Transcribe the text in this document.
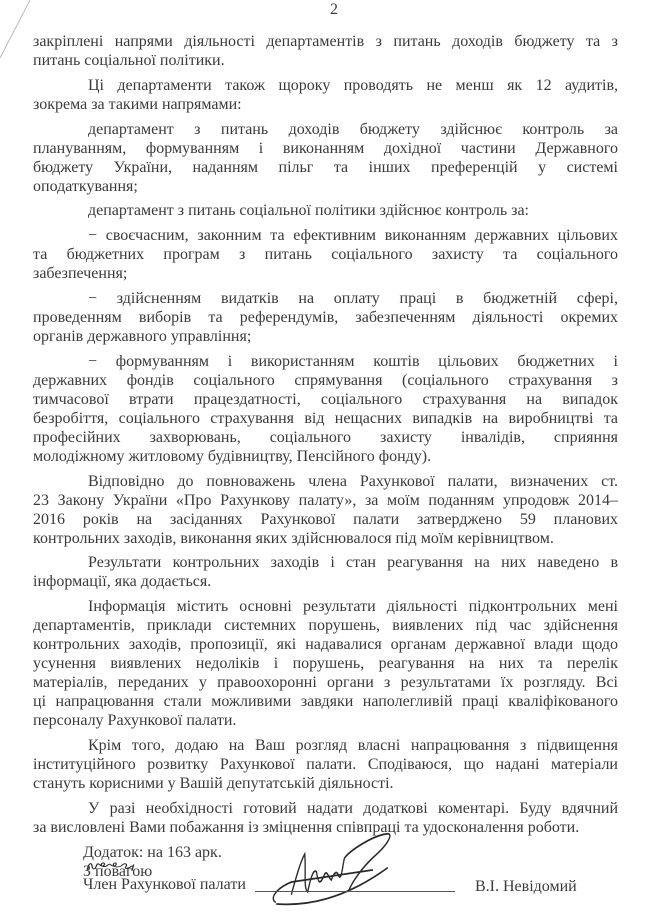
2
закріплені напрями діяльності департаментів з питань доходів бюджету та з
питань соціальної політики.
Ці департаменти також щороку проводять не менш як 12 аудитів,
зокрема за такими напрямами:
департамент з питань доходів бюджету здійснює контроль за
плануванням, формуванням і виконанням дохідної частини Державного
бюджету України, наданням пільг та інших преференцій у системі
оподаткування;
департамент з питань соціальної політики здійснює контроль за:
− своєчасним, законним та ефективним виконанням державних цільових
та бюджетних програм з питань соціального захисту та соціального
забезпечення;
− здійсненням видатків на оплату праці в бюджетній сфері,
проведенням виборів та референдумів, забезпеченням діяльності окремих
органів державного управління;
− формуванням і використанням коштів цільових бюджетних і
державних фондів соціального спрямування (соціального страхування з
тимчасової втрати працездатності, соціального страхування на випадок
безробіття, соціального страхування від нещасних випадків на виробництві та
професійних захворювань, соціального захисту інвалідів, сприяння
молодіжному житловому будівництву, Пенсійного фонду).
Відповідно до повноважень члена Рахункової палати, визначених ст.
23 Закону України «Про Рахункову палату», за моїм поданням упродовж 2014–
2016 років на засіданнях Рахункової палати затверджено 59 планових
контрольних заходів, виконання яких здійснювалося під моїм керівництвом.
Результати контрольних заходів і стан реагування на них наведено в
інформації, яка додається.
Інформація містить основні результати діяльності підконтрольних мені
департаментів, приклади системних порушень, виявлених під час здійснення
контрольних заходів, пропозиції, які надавалися органам державної влади щодо
усунення виявлених недоліків і порушень, реагування на них та перелік
матеріалів, переданих у правоохоронні органи з результатами їх розгляду. Всі
ці напрацювання стали можливими завдяки наполегливій праці кваліфікованого
персоналу Рахункової палати.
Крім того, додаю на Ваш розгляд власні напрацювання з підвищення
інституційного розвитку Рахункової палати. Сподіваюся, що надані матеріали
стануть корисними у Вашій депутатській діяльності.
У разі необхідності готовий надати додаткові коментарі. Буду вдячний
за висловлені Вами побажання із зміцнення співпраці та удосконалення роботи.
Додаток: на 163 арк.
З повагою
Член Рахункової палати	В.І. Невідомий
